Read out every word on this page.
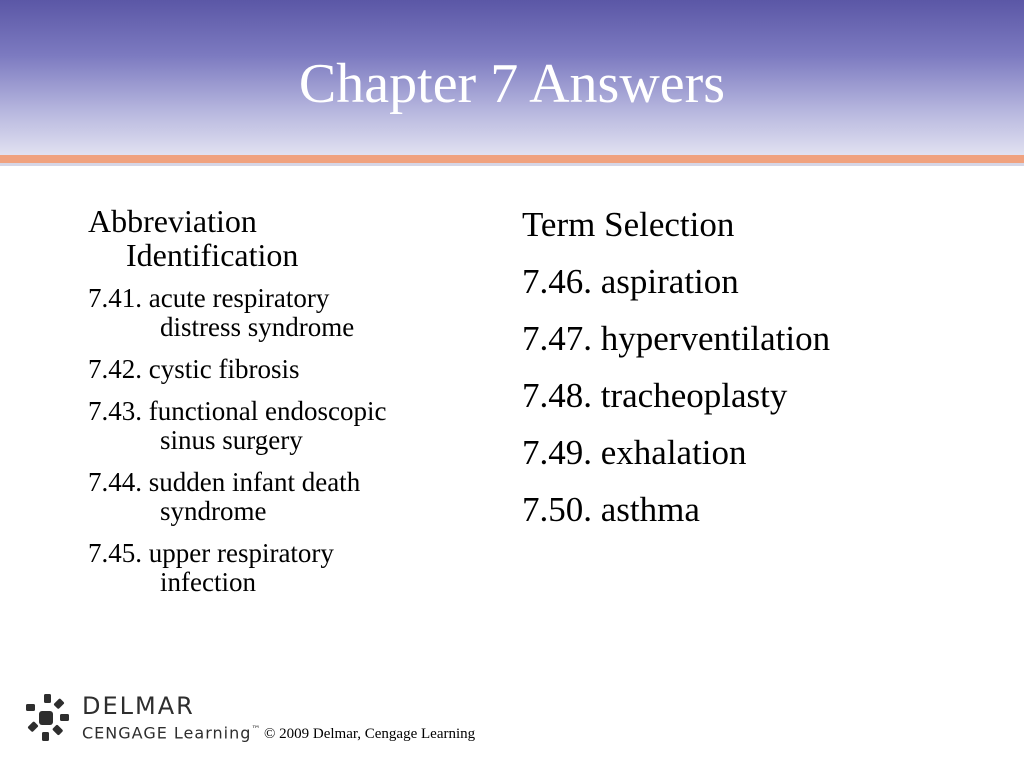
Chapter 7 Answers
Abbreviation
Identification
7.41. acute respiratory
distress syndrome
7.42. cystic fibrosis
7.43. functional endoscopic
sinus surgery
7.44. sudden infant death
syndrome
7.45. upper respiratory
infection
Term Selection
7.46. aspiration
7.47. hyperventilation
7.48. tracheoplasty
7.49. exhalation
7.50. asthma
DELMAR
CENGAGE Learning™ © 2009 Delmar, Cengage Learning
